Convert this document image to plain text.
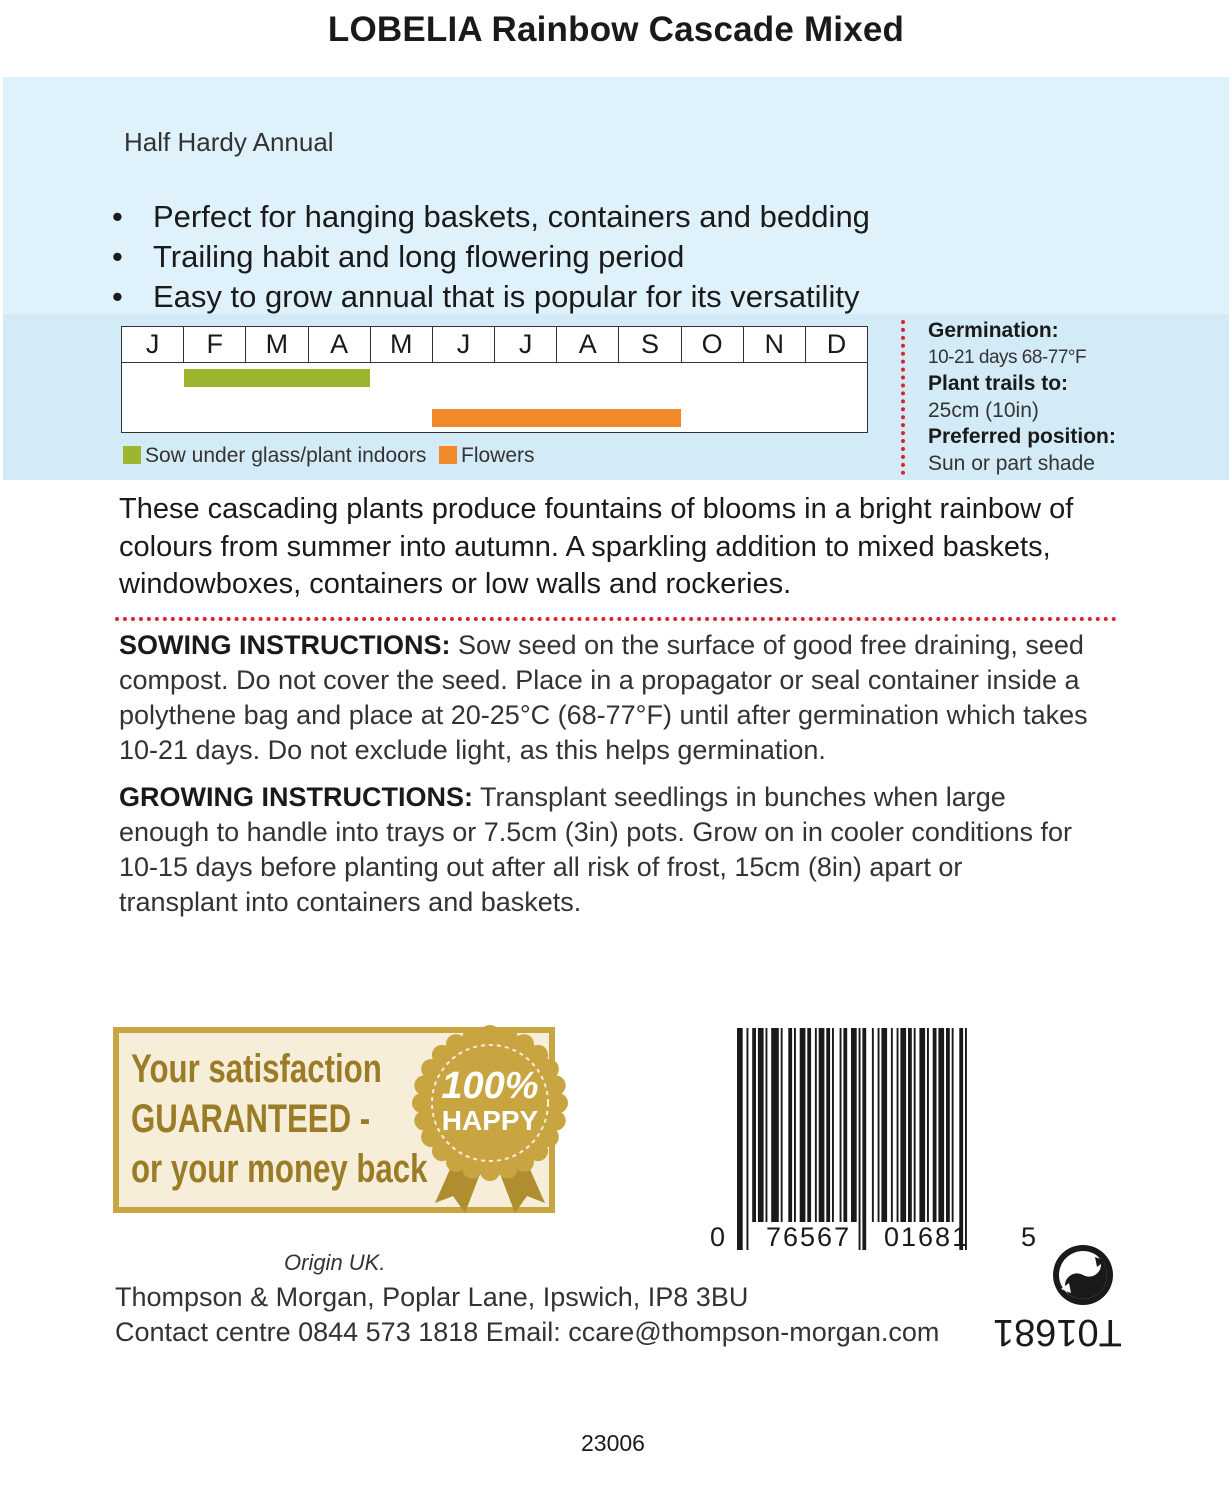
LOBELIA Rainbow Cascade Mixed
Half Hardy Annual
• Perfect for hanging baskets, containers and bedding
• Trailing habit and long flowering period
• Easy to grow annual that is popular for its versatility
J	F	M	A	M	J	J	A	S	O	N	D
Sow under glass/plant indoors	Flowers
Germination:
10-21 days 68-77°F
Plant trails to:
25cm (10in)
Preferred position:
Sun or part shade
These cascading plants produce fountains of blooms in a bright rainbow of colours from summer into autumn. A sparkling addition to mixed baskets, windowboxes, containers or low walls and rockeries.
SOWING INSTRUCTIONS: Sow seed on the surface of good free draining, seed compost. Do not cover the seed. Place in a propagator or seal container inside a polythene bag and place at 20-25°C (68-77°F) until after germination which takes 10-21 days. Do not exclude light, as this helps germination.
GROWING INSTRUCTIONS: Transplant seedlings in bunches when large enough to handle into trays or 7.5cm (3in) pots. Grow on in cooler conditions for 10-15 days before planting out after all risk of frost, 15cm (8in) apart or transplant into containers and baskets.
Your satisfaction
GUARANTEED -
or your money back
100%
HAPPY
0 76567 01681 5
Origin UK.
Thompson & Morgan, Poplar Lane, Ipswich, IP8 3BU
Contact centre 0844 573 1818 Email: ccare@thompson-morgan.com T01681
23006
